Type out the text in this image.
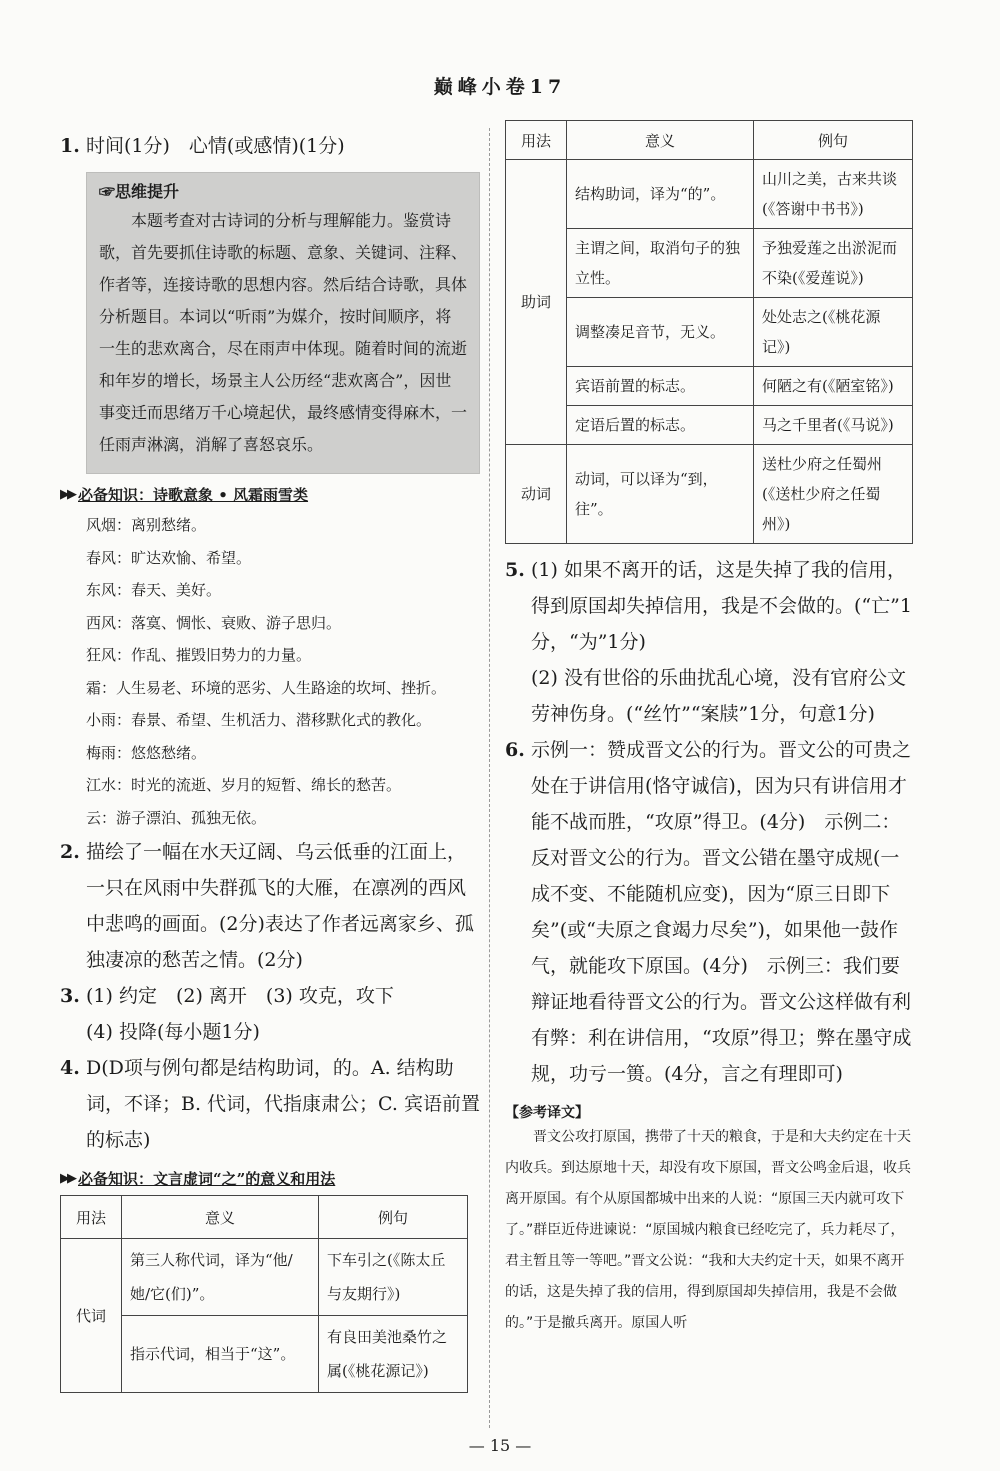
巅峰小卷17

1. 时间(1分)　心情(或感情)(1分)

☞思维提升
本题考查对古诗词的分析与理解能力。鉴赏诗歌，首先要抓住诗歌的标题、意象、关键词、注释、作者等，连接诗歌的思想内容。然后结合诗歌，具体分析题目。本词以“听雨”为媒介，按时间顺序，将一生的悲欢离合，尽在雨声中体现。随着时间的流逝和年岁的增长，场景主人公历经“悲欢离合”，因世事变迁而思绪万千心境起伏，最终感情变得麻木，一任雨声淋漓，消解了喜怒哀乐。
▶▶ 必备知识：诗歌意象 • 风霜雨雪类
风烟：离别愁绪。
春风：旷达欢愉、希望。
东风：春天、美好。
西风：落寞、惆怅、衰败、游子思归。
狂风：作乱、摧毁旧势力的力量。
霜：人生易老、环境的恶劣、人生路途的坎坷、挫折。
小雨：春景、希望、生机活力、潜移默化式的教化。
梅雨：悠悠愁绪。
江水：时光的流逝、岁月的短暂、绵长的愁苦。
云：游子漂泊、孤独无依。

2. 描绘了一幅在水天辽阔、乌云低垂的江面上，一只在风雨中失群孤飞的大雁，在凛冽的西风中悲鸣的画面。(2分)表达了作者远离家乡、孤独凄凉的愁苦之情。(2分)

3. (1) 约定　(2) 离开　(3) 攻克，攻下

(4) 投降(每小题1分)

4. D(D项与例句都是结构助词，的。A. 结构助词，不译；B. 代词，代指康肃公；C. 宾语前置的标志)

▶▶ 必备知识：文言虚词“之”的意义和用法
用法	意义	例句
代词	第三人称代词，译为“他/她/它(们)”。	下车引之(《陈太丘与友期行》)
	指示代词，相当于“这”。	有良田美池桑竹之属(《桃花源记》)
用法	意义	例句
助词	结构助词，译为“的”。	山川之美，古来共谈(《答谢中书书》)
	主谓之间，取消句子的独立性。	予独爱莲之出淤泥而不染(《爱莲说》)
	调整凑足音节，无义。	处处志之(《桃花源记》)
	宾语前置的标志。	何陋之有(《陋室铭》)
	定语后置的标志。	马之千里者(《马说》)
动词	动词，可以译为“到，往”。	送杜少府之任蜀州(《送杜少府之任蜀州》)

5. (1) 如果不离开的话，这是失掉了我的信用，得到原国却失掉信用，我是不会做的。(“亡”1分，“为”1分)

(2) 没有世俗的乐曲扰乱心境，没有官府公文劳神伤身。(“丝竹”“案牍”1分，句意1分)

6. 示例一：赞成晋文公的行为。晋文公的可贵之处在于讲信用(恪守诚信)，因为只有讲信用才能不战而胜，“攻原”得卫。(4分)　示例二：反对晋文公的行为。晋文公错在墨守成规(一成不变、不能随机应变)，因为“原三日即下矣”(或“夫原之食竭力尽矣”)，如果他一鼓作气，就能攻下原国。(4分)　示例三：我们要辩证地看待晋文公的行为。晋文公这样做有利有弊：利在讲信用，“攻原”得卫；弊在墨守成规，功亏一篑。(4分，言之有理即可)

【参考译文】

晋文公攻打原国，携带了十天的粮食，于是和大夫约定在十天内收兵。到达原地十天，却没有攻下原国，晋文公鸣金后退，收兵离开原国。有个从原国都城中出来的人说：“原国三天内就可攻下了。”群臣近侍进谏说：“原国城内粮食已经吃完了，兵力耗尽了，君主暂且等一等吧。”晋文公说：“我和大夫约定十天，如果不离开的话，这是失掉了我的信用，得到原国却失掉信用，我是不会做的。”于是撤兵离开。原国人听

— 15 —
